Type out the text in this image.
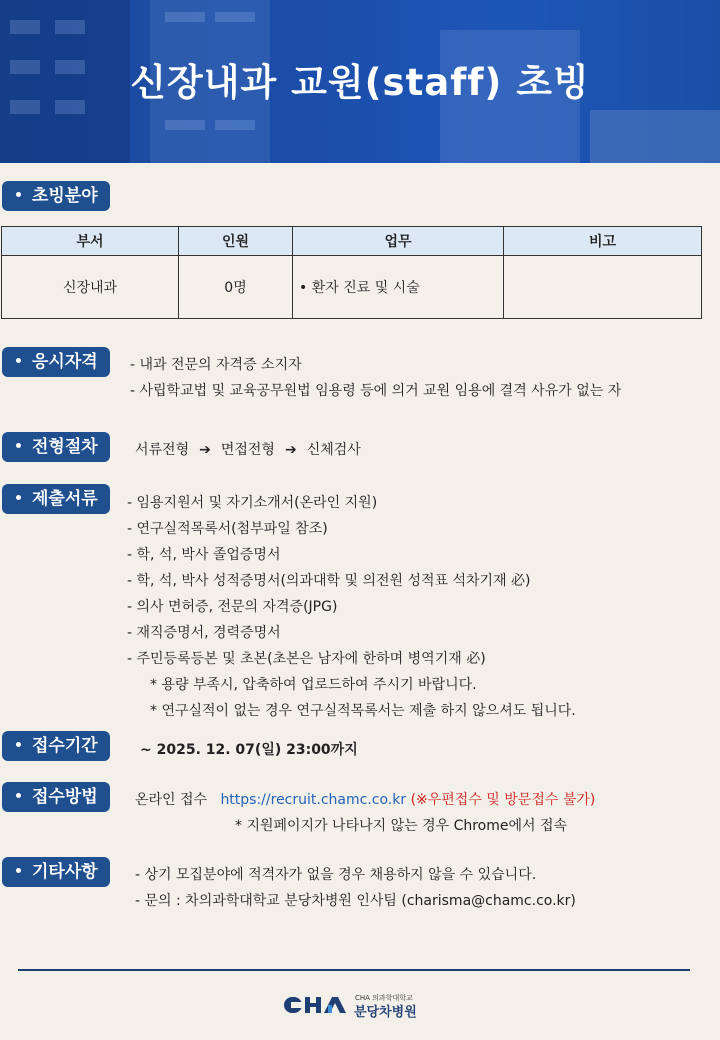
신장내과 교원(staff) 초빙
초빙분야
부서	인원	업무	비고
신장내과	0명	• 환자 진료 및 시술	
응시자격	- 내과 전문의 자격증 소지자
- 사립학교법 및 교육공무원법 임용령 등에 의거 교원 임용에 결격 사유가 없는 자
전형절차	서류전형 ➔ 면접전형 ➔ 신체검사
제출서류	- 임용지원서 및 자기소개서(온라인 지원)
- 연구실적목록서(첨부파일 참조)
- 학, 석, 박사 졸업증명서
- 학, 석, 박사 성적증명서(의과대학 및 의전원 성적표 석차기재 必)
- 의사 면허증, 전문의 자격증(JPG)
- 재직증명서, 경력증명서
- 주민등록등본 및 초본(초본은 남자에 한하며 병역기재 必)
* 용량 부족시, 압축하여 업로드하여 주시기 바랍니다.
* 연구실적이 없는 경우 연구실적목록서는 제출 하지 않으셔도 됩니다.
접수기간	~ 2025. 12. 07(일) 23:00까지
접수방법	온라인 접수 https://recruit.chamc.co.kr (※우편접수 및 방문접수 불가)
* 지원페이지가 나타나지 않는 경우 Chrome에서 접속
기타사항	- 상기 모집분야에 적격자가 없을 경우 채용하지 않을 수 있습니다.
- 문의 : 차의과학대학교 분당차병원 인사팀 (charisma@chamc.co.kr)
CHA 의과학대학교
분당차병원
